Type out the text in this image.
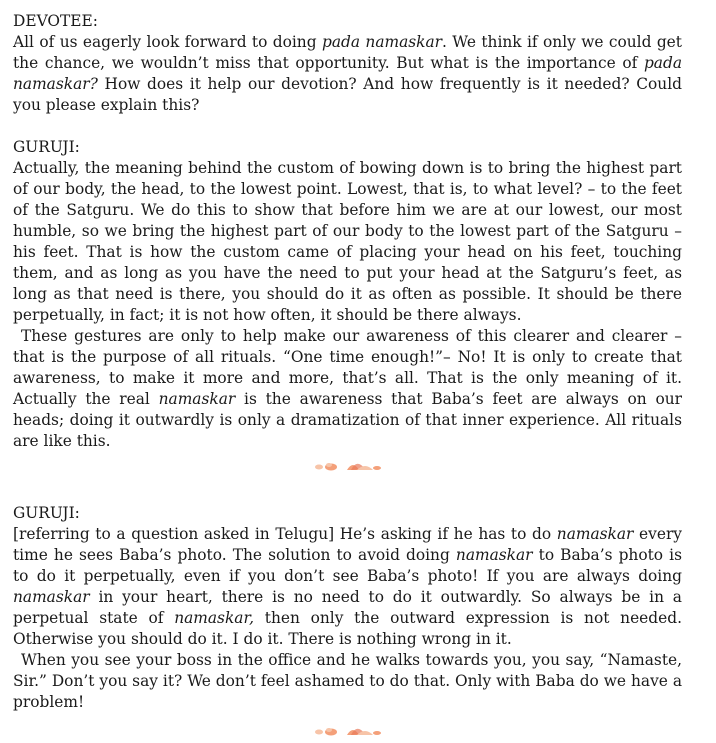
DEVOTEE:

All of us eagerly look forward to doing pada namaskar. We think if only we could get the chance, we wouldn’t miss that opportunity. But what is the importance of pada namaskar? How does it help our devotion? And how frequently is it needed? Could you please explain this?

GURUJI:

Actually, the meaning behind the custom of bowing down is to bring the highest part of our body, the head, to the lowest point. Lowest, that is, to what level? – to the feet of the Satguru. We do this to show that before him we are at our lowest, our most humble, so we bring the highest part of our body to the lowest part of the Satguru – his feet. That is how the custom came of placing your head on his feet, touching them, and as long as you have the need to put your head at the Satguru’s feet, as long as that need is there, you should do it as often as possible. It should be there perpetually, in fact; it is not how often, it should be there always.

These gestures are only to help make our awareness of this clearer and clearer – that is the purpose of all rituals. “One time enough!”– No! It is only to create that awareness, to make it more and more, that’s all. That is the only meaning of it. Actually the real namaskar is the awareness that Baba’s feet are always on our heads; doing it outwardly is only a dramatization of that inner experience. All rituals are like this.

GURUJI:

[referring to a question asked in Telugu] He’s asking if he has to do namaskar every time he sees Baba’s photo. The solution to avoid doing namaskar to Baba’s photo is to do it perpetually, even if you don’t see Baba’s photo! If you are always doing namaskar in your heart, there is no need to do it outwardly. So always be in a perpetual state of namaskar, then only the outward expression is not needed. Otherwise you should do it. I do it. There is nothing wrong in it.

When you see your boss in the office and he walks towards you, you say, “Namaste, Sir.” Don’t you say it? We don’t feel ashamed to do that. Only with Baba do we have a problem!
